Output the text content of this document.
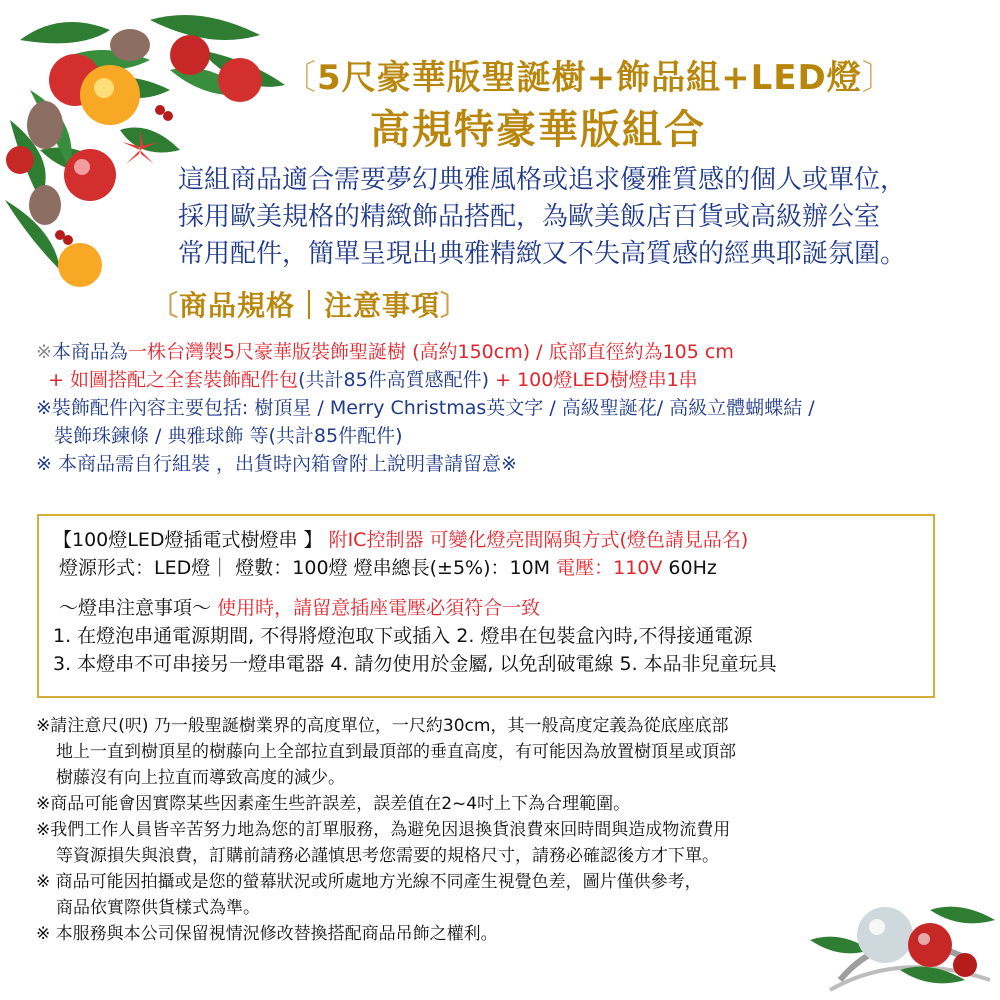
〔5尺豪華版聖誕樹+飾品組+LED燈〕
高規特豪華版組合
這組商品適合需要夢幻典雅風格或追求優雅質感的個人或單位，
採用歐美規格的精緻飾品搭配，為歐美飯店百貨或高級辦公室
常用配件，簡單呈現出典雅精緻又不失高質感的經典耶誕氛圍。
〔商品規格｜注意事項〕
※本商品為一株台灣製5尺豪華版裝飾聖誕樹 (高約150cm) / 底部直徑約為105 cm
+ 如圖搭配之全套裝飾配件包(共計85件高質感配件) + 100燈LED樹燈串1串
※裝飾配件內容主要包括: 樹頂星 / Merry Christmas英文字 / 高級聖誕花/ 高級立體蝴蝶結 /
裝飾珠鍊條 / 典雅球飾 等(共計85件配件)
※ 本商品需自行組裝 ，出貨時內箱會附上說明書請留意※
【100燈LED燈插電式樹燈串 】 附IC控制器 可變化燈亮間隔與方式(燈色請見品名)
燈源形式：LED燈｜ 燈數：100燈 燈串總長(±5%)：10M 電壓：110V 60Hz
～燈串注意事項～ 使用時，請留意插座電壓必須符合一致
1. 在燈泡串通電源期間, 不得將燈泡取下或插入 2. 燈串在包裝盒內時,不得接通電源
3. 本燈串不可串接另一燈串電器 4. 請勿使用於金屬, 以免刮破電線 5. 本品非兒童玩具
※請注意尺(呎) 乃一般聖誕樹業界的高度單位，一尺約30cm，其一般高度定義為從底座底部
地上一直到樹頂星的樹藤向上全部拉直到最頂部的垂直高度，有可能因為放置樹頂星或頂部
樹藤沒有向上拉直而導致高度的減少。
※商品可能會因實際某些因素產生些許誤差，誤差值在2~4吋上下為合理範圍。
※我們工作人員皆辛苦努力地為您的訂單服務，為避免因退換貨浪費來回時間與造成物流費用
等資源損失與浪費，訂購前請務必謹慎思考您需要的規格尺寸，請務必確認後方才下單。
※ 商品可能因拍攝或是您的螢幕狀況或所處地方光線不同產生視覺色差，圖片僅供參考，
商品依實際供貨樣式為準。
※ 本服務與本公司保留視情況修改替換搭配商品吊飾之權利。
